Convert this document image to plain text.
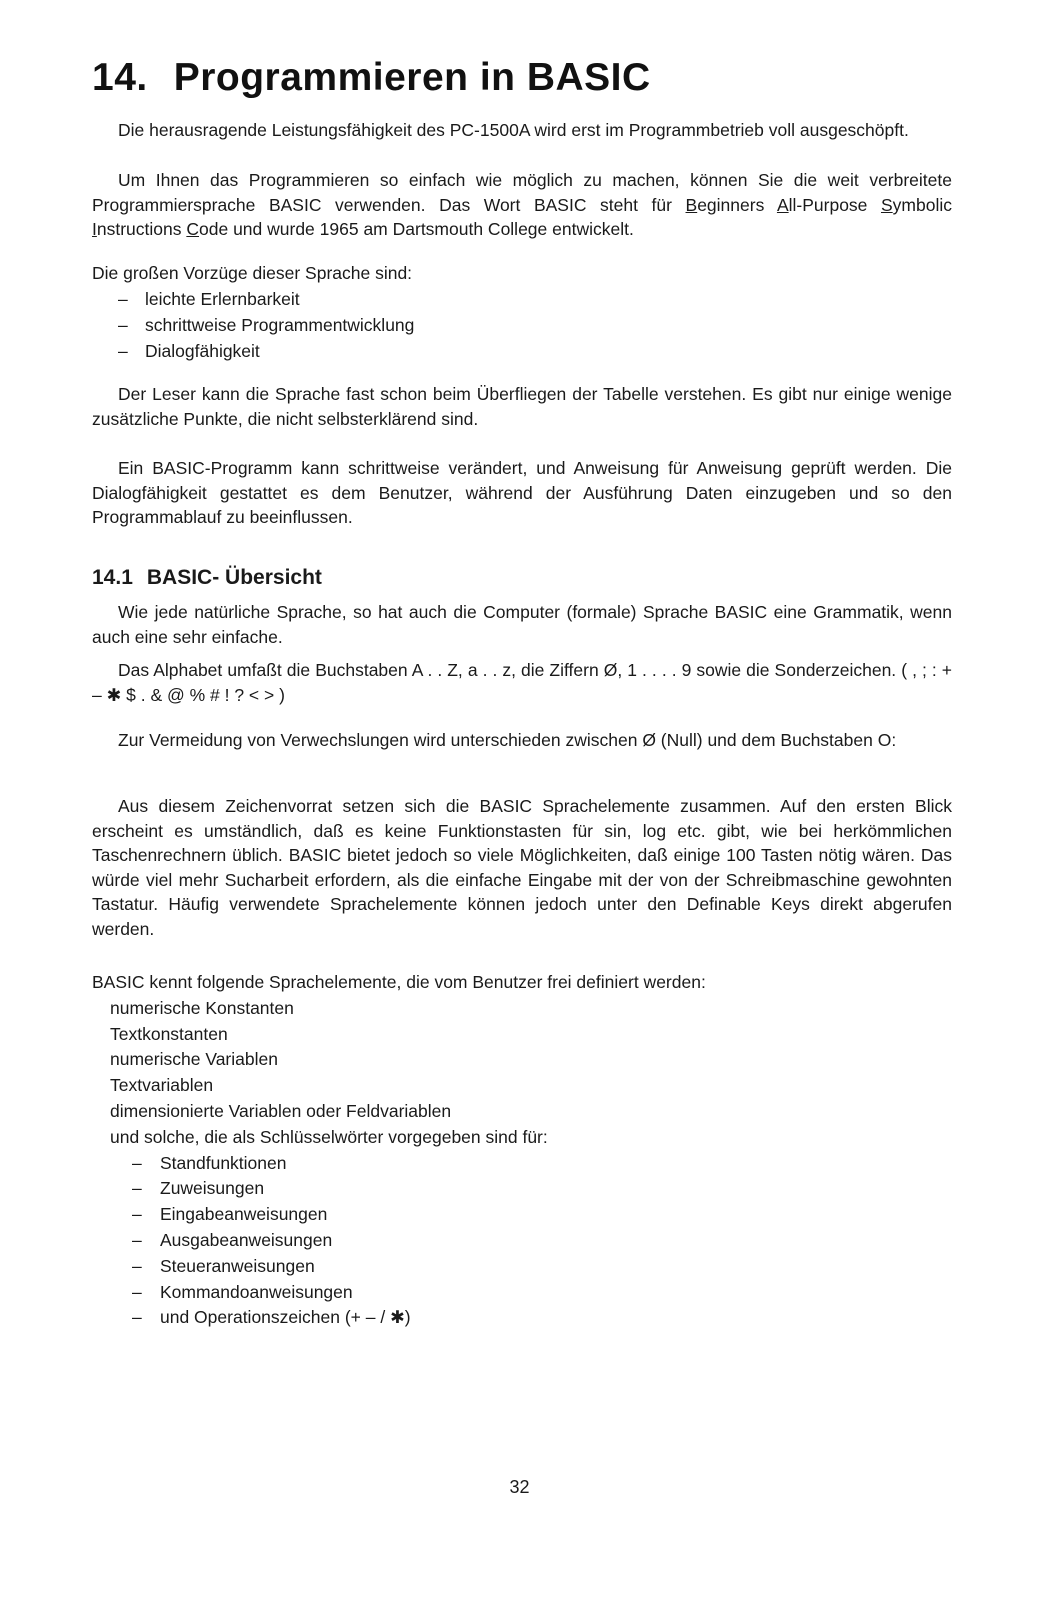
14. Programmieren in BASIC
Die herausragende Leistungsfähigkeit des PC-1500A wird erst im Programmbetrieb voll ausgeschöpft.
Um Ihnen das Programmieren so einfach wie möglich zu machen, können Sie die weit verbreitete Programmiersprache BASIC verwenden. Das Wort BASIC steht für Beginners All-Purpose Symbolic Instructions Code und wurde 1965 am Dartsmouth College entwickelt.
Die großen Vorzüge dieser Sprache sind:
– leichte Erlernbarkeit
– schrittweise Programmentwicklung
– Dialogfähigkeit
Der Leser kann die Sprache fast schon beim Überfliegen der Tabelle verstehen. Es gibt nur einige wenige zusätzliche Punkte, die nicht selbsterklärend sind.
Ein BASIC-Programm kann schrittweise verändert, und Anweisung für Anweisung geprüft werden. Die Dialogfähigkeit gestattet es dem Benutzer, während der Ausführung Daten einzugeben und so den Programmablauf zu beeinflussen.
14.1 BASIC- Übersicht
Wie jede natürliche Sprache, so hat auch die Computer (formale) Sprache BASIC eine Grammatik, wenn auch eine sehr einfache.
Das Alphabet umfaßt die Buchstaben A . . Z, a . . z, die Ziffern Ø, 1 . . . . 9 sowie die Sonderzeichen. ( , ; : + – ✱ $ . & @ % # ! ? < > )
Zur Vermeidung von Verwechslungen wird unterschieden zwischen Ø (Null) und dem Buchstaben O:
Aus diesem Zeichenvorrat setzen sich die BASIC Sprachelemente zusammen. Auf den ersten Blick erscheint es umständlich, daß es keine Funktionstasten für sin, log etc. gibt, wie bei herkömmlichen Taschenrechnern üblich. BASIC bietet jedoch so viele Möglichkeiten, daß einige 100 Tasten nötig wären. Das würde viel mehr Sucharbeit erfordern, als die einfache Eingabe mit der von der Schreibmaschine gewohnten Tastatur. Häufig verwendete Sprachelemente können jedoch unter den Definable Keys direkt abgerufen werden.
BASIC kennt folgende Sprachelemente, die vom Benutzer frei definiert werden:
numerische Konstanten
Textkonstanten
numerische Variablen
Textvariablen
dimensionierte Variablen oder Feldvariablen
und solche, die als Schlüsselwörter vorgegeben sind für:
– Standfunktionen
– Zuweisungen
– Eingabeanweisungen
– Ausgabeanweisungen
– Steueranweisungen
– Kommandoanweisungen
– und Operationszeichen (+ – / ✱)
32
